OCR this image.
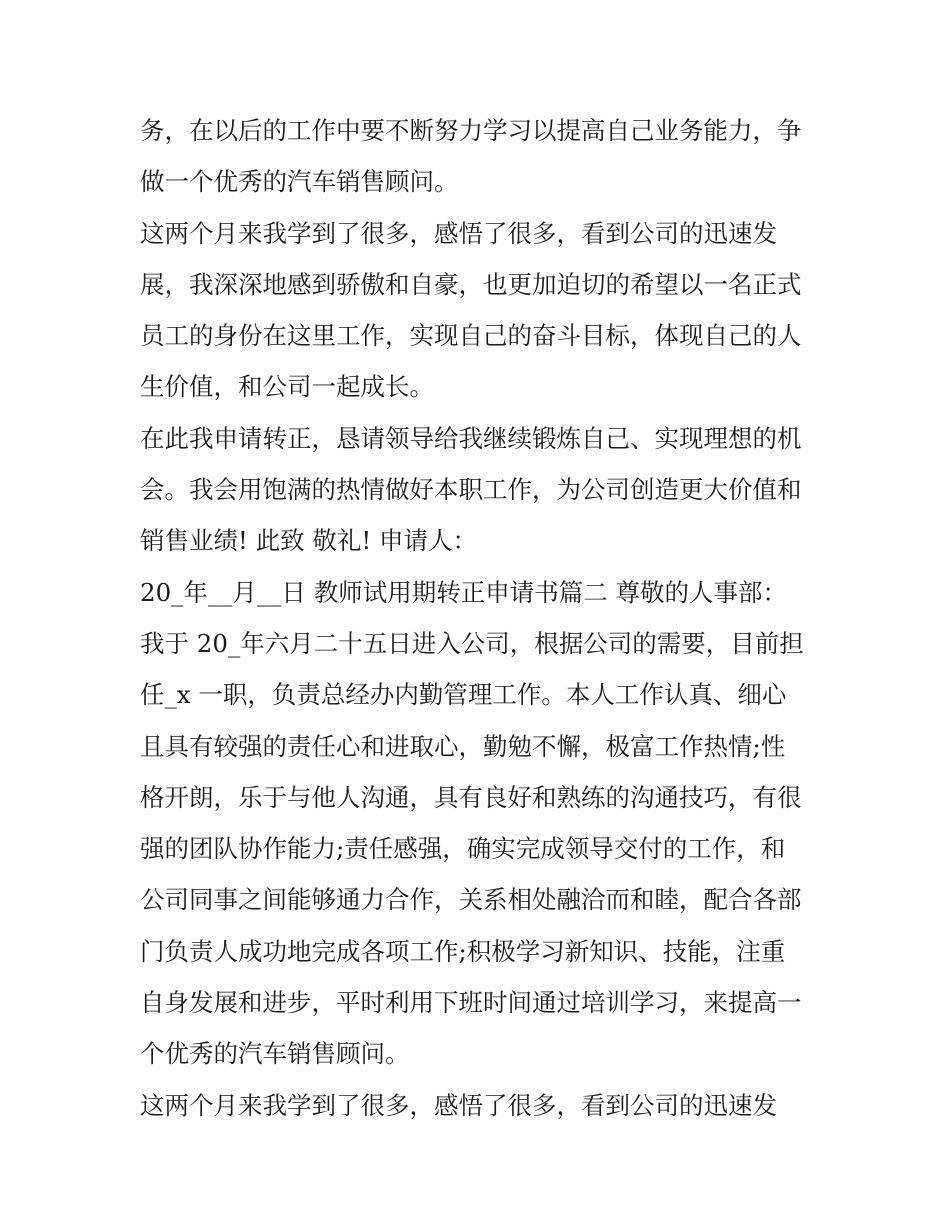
务，在以后的工作中要不断努力学习以提高自己业务能力，争
做一个优秀的汽车销售顾问。
这两个月来我学到了很多，感悟了很多，看到公司的迅速发
展，我深深地感到骄傲和自豪，也更加迫切的希望以一名正式
员工的身份在这里工作，实现自己的奋斗目标，体现自己的人
生价值，和公司一起成长。
在此我申请转正，恳请领导给我继续锻炼自己、实现理想的机
会。我会用饱满的热情做好本职工作，为公司创造更大价值和
销售业绩! 此致 敬礼! 申请人：
20_年__月__日 教师试用期转正申请书篇二 尊敬的人事部：
我于 20_年六月二十五日进入公司，根据公司的需要，目前担
任_x 一职，负责总经办内勤管理工作。本人工作认真、细心
且具有较强的责任心和进取心，勤勉不懈，极富工作热情;性
格开朗，乐于与他人沟通，具有良好和熟练的沟通技巧，有很
强的团队协作能力;责任感强，确实完成领导交付的工作，和
公司同事之间能够通力合作，关系相处融洽而和睦，配合各部
门负责人成功地完成各项工作;积极学习新知识、技能，注重
自身发展和进步，平时利用下班时间通过培训学习，来提高一
个优秀的汽车销售顾问。
这两个月来我学到了很多，感悟了很多，看到公司的迅速发
